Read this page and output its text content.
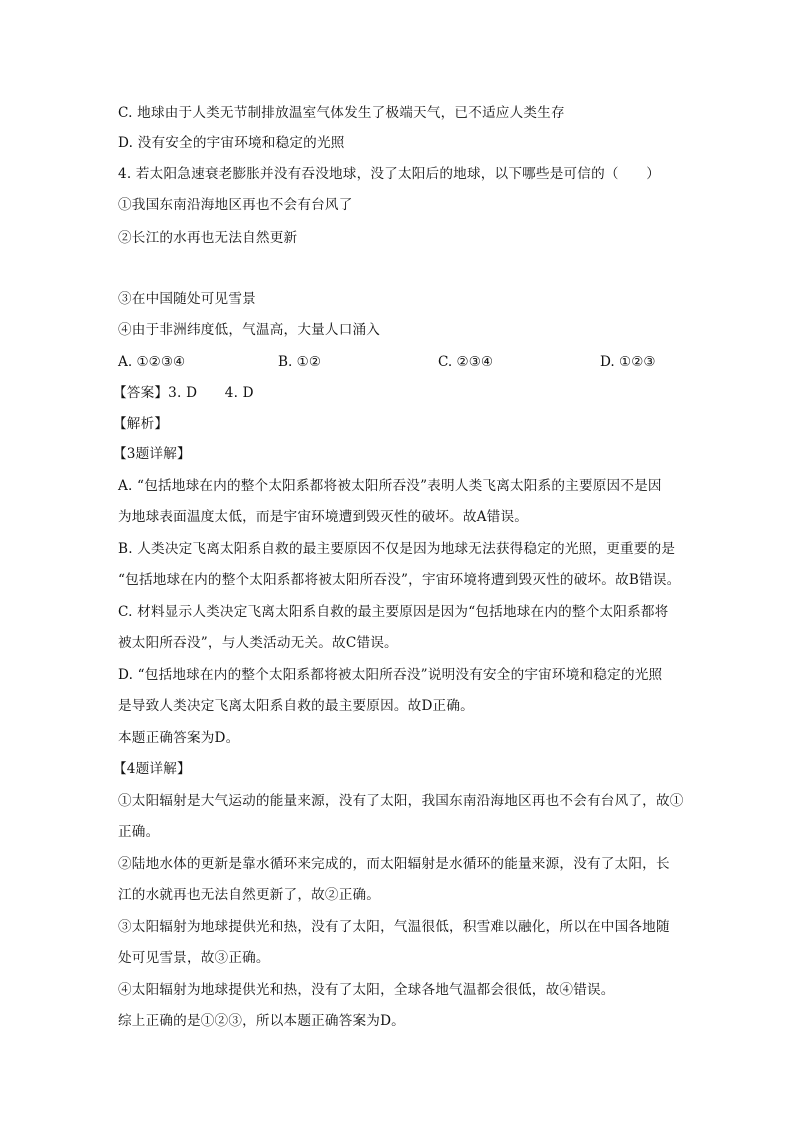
C. 地球由于人类无节制排放温室气体发生了极端天气，已不适应人类生存
D. 没有安全的宇宙环境和稳定的光照
4. 若太阳急速衰老膨胀并没有吞没地球，没了太阳后的地球，以下哪些是可信的（　　）
①我国东南沿海地区再也不会有台风了
②长江的水再也无法自然更新
③在中国随处可见雪景
④由于非洲纬度低，气温高，大量人口涌入
A. ①②③④	B. ①②	C. ②③④	D. ①②③
【答案】3. D　　4. D
【解析】
【3题详解】
A. “包括地球在内的整个太阳系都将被太阳所吞没”表明人类飞离太阳系的主要原因不是因
为地球表面温度太低，而是宇宙环境遭到毁灭性的破坏。故A错误。
B. 人类决定飞离太阳系自救的最主要原因不仅是因为地球无法获得稳定的光照，更重要的是
“包括地球在内的整个太阳系都将被太阳所吞没”，宇宙环境将遭到毁灭性的破坏。故B错误。
C. 材料显示人类决定飞离太阳系自救的最主要原因是因为“包括地球在内的整个太阳系都将
被太阳所吞没”，与人类活动无关。故C错误。
D. “包括地球在内的整个太阳系都将被太阳所吞没”说明没有安全的宇宙环境和稳定的光照
是导致人类决定飞离太阳系自救的最主要原因。故D正确。
本题正确答案为D。
【4题详解】
①太阳辐射是大气运动的能量来源，没有了太阳，我国东南沿海地区再也不会有台风了，故①
正确。
②陆地水体的更新是靠水循环来完成的，而太阳辐射是水循环的能量来源，没有了太阳，长
江的水就再也无法自然更新了，故②正确。
③太阳辐射为地球提供光和热，没有了太阳，气温很低，积雪难以融化，所以在中国各地随
处可见雪景，故③正确。
④太阳辐射为地球提供光和热，没有了太阳，全球各地气温都会很低，故④错误。
综上正确的是①②③，所以本题正确答案为D。
